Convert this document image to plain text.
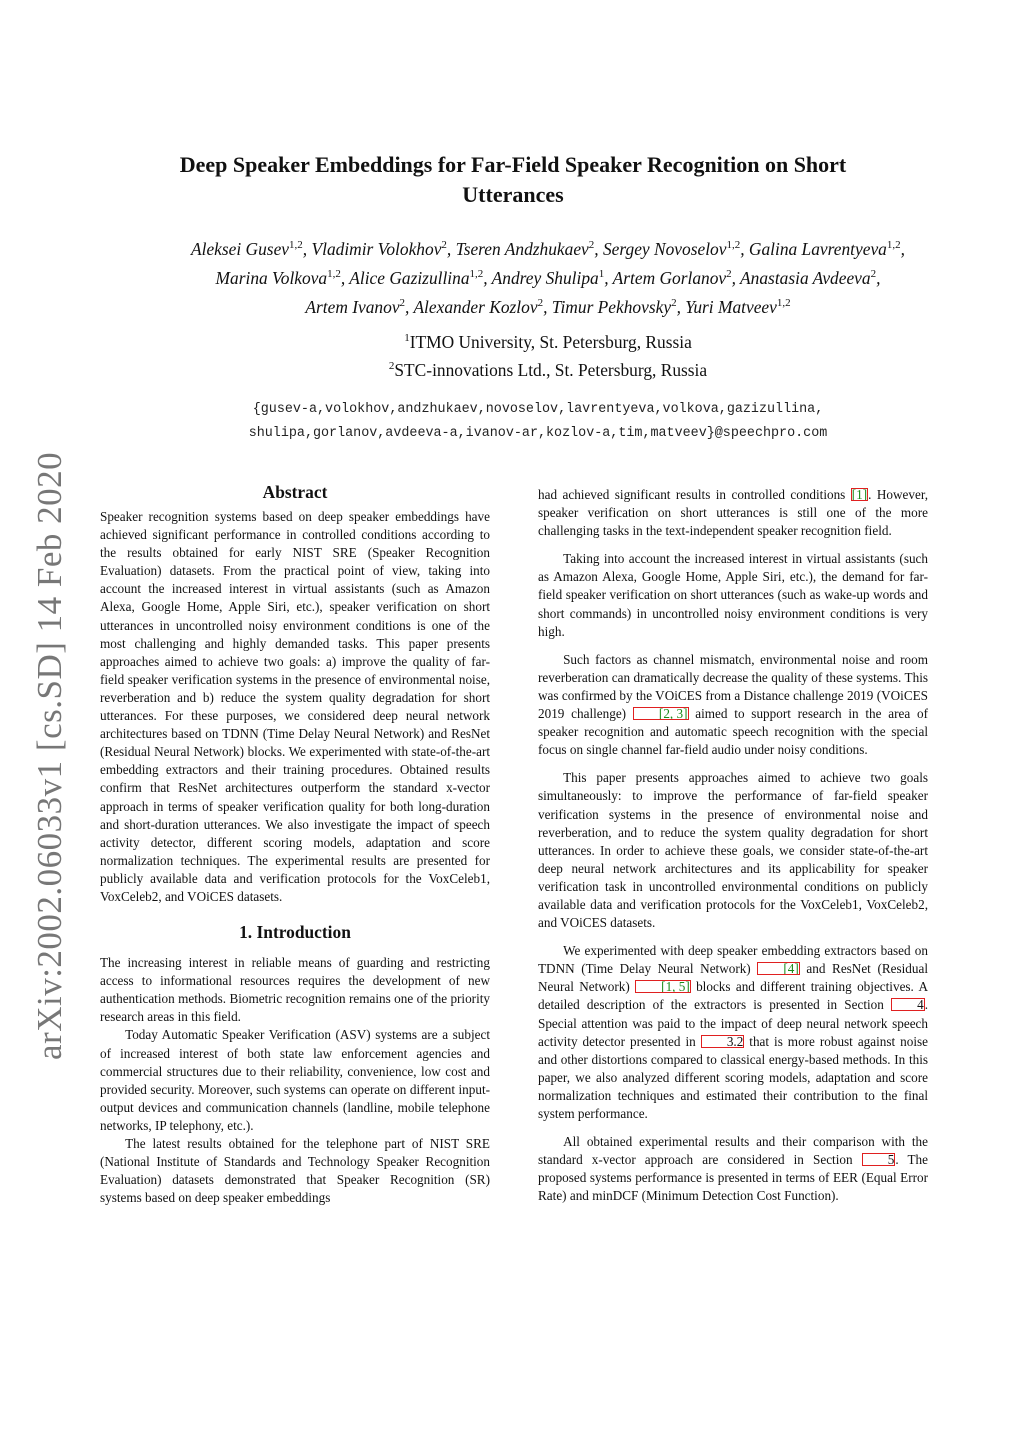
arXiv:2002.06033v1 [cs.SD] 14 Feb 2020
Deep Speaker Embeddings for Far-Field Speaker Recognition on Short
Utterances
Aleksei Gusev$^{1,2}$, Vladimir Volokhov$^2$, Tseren Andzhukaev$^2$, Sergey Novoselov$^{1,2}$, Galina Lavrentyeva$^{1,2}$,
Marina Volkova$^{1,2}$, Alice Gazizullina$^{1,2}$, Andrey Shulipa$^1$, Artem Gorlanov$^2$, Anastasia Avdeeva$^2$,
Artem Ivanov$^2$, Alexander Kozlov$^2$, Timur Pekhovsky$^2$, Yuri Matveev$^{1,2}$
$^1$ITMO University, St. Petersburg, Russia
$^2$STC-innovations Ltd., St. Petersburg, Russia
{gusev-a,volokhov,andzhukaev,novoselov,lavrentyeva,volkova,gazizullina,
shulipa,gorlanov,avdeeva-a,ivanov-ar,kozlov-a,tim,matveev}@speechpro.com
Abstract

Speaker recognition systems based on deep speaker embeddings have achieved significant performance in controlled conditions according to the results obtained for early NIST SRE (Speaker Recognition Evaluation) datasets. From the practical point of view, taking into account the increased interest in virtual assistants (such as Amazon Alexa, Google Home, Apple Siri, etc.), speaker verification on short utterances in uncontrolled noisy environment conditions is one of the most challenging and highly demanded tasks. This paper presents approaches aimed to achieve two goals: a) improve the quality of far-field speaker verification systems in the presence of environmental noise, reverberation and b) reduce the system quality degradation for short utterances. For these purposes, we considered deep neural network architectures based on TDNN (Time Delay Neural Network) and ResNet (Residual Neural Network) blocks. We experimented with state-of-the-art embedding extractors and their training procedures. Obtained results confirm that ResNet architectures outperform the standard x-vector approach in terms of speaker verification quality for both long-duration and short-duration utterances. We also investigate the impact of speech activity detector, different scoring models, adaptation and score normalization techniques. The experimental results are presented for publicly available data and verification protocols for the VoxCeleb1, VoxCeleb2, and VOiCES datasets.

1. Introduction

The increasing interest in reliable means of guarding and restricting access to informational resources requires the development of new authentication methods. Biometric recognition remains one of the priority research areas in this field.

Today Automatic Speaker Verification (ASV) systems are a subject of increased interest of both state law enforcement agencies and commercial structures due to their reliability, convenience, low cost and provided security. Moreover, such systems can operate on different input-output devices and communication channels (landline, mobile telephone networks, IP telephony, etc.).

The latest results obtained for the telephone part of NIST SRE (National Institute of Standards and Technology Speaker Recognition Evaluation) datasets demonstrated that Speaker Recognition (SR) systems based on deep speaker embeddings

had achieved significant results in controlled conditions [1]. However, speaker verification on short utterances is still one of the more challenging tasks in the text-independent speaker recognition field.

Taking into account the increased interest in virtual assistants (such as Amazon Alexa, Google Home, Apple Siri, etc.), the demand for far-field speaker verification on short utterances (such as wake-up words and short commands) in uncontrolled noisy environment conditions is very high.

Such factors as channel mismatch, environmental noise and room reverberation can dramatically decrease the quality of these systems. This was confirmed by the VOiCES from a Distance challenge 2019 (VOiCES 2019 challenge) [2, 3] aimed to support research in the area of speaker recognition and automatic speech recognition with the special focus on single channel far-field audio under noisy conditions.

This paper presents approaches aimed to achieve two goals simultaneously: to improve the performance of far-field speaker verification systems in the presence of environmental noise and reverberation, and to reduce the system quality degradation for short utterances. In order to achieve these goals, we consider state-of-the-art deep neural network architectures and its applicability for speaker verification task in uncontrolled environmental conditions on publicly available data and verification protocols for the VoxCeleb1, VoxCeleb2, and VOiCES datasets.

We experimented with deep speaker embedding extractors based on TDNN (Time Delay Neural Network) [4] and ResNet (Residual Neural Network) [1, 5] blocks and different training objectives. A detailed description of the extractors is presented in Section 4. Special attention was paid to the impact of deep neural network speech activity detector presented in 3.2 that is more robust against noise and other distortions compared to classical energy-based methods. In this paper, we also analyzed different scoring models, adaptation and score normalization techniques and estimated their contribution to the final system performance.

All obtained experimental results and their comparison with the standard x-vector approach are considered in Section 5. The proposed systems performance is presented in terms of EER (Equal Error Rate) and minDCF (Minimum Detection Cost Function).
